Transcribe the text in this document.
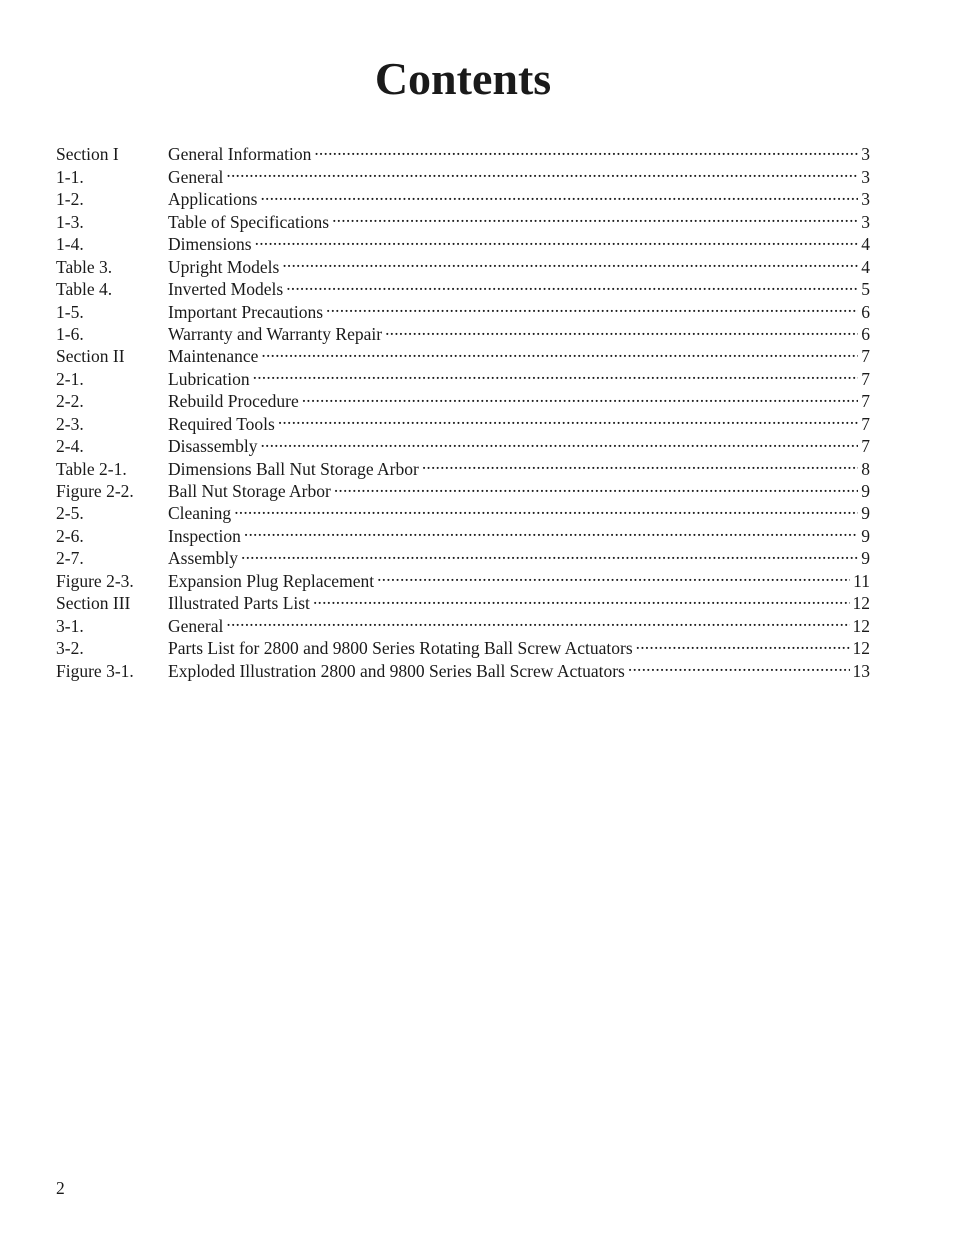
Contents
Section I	General Information .....	3
1-1.	General .....	3
1-2.	Applications .....	3
1-3.	Table of Specifications .....	3
1-4.	Dimensions .....	4
Table 3.	Upright Models .....	4
Table 4.	Inverted Models .....	5
1-5.	Important Precautions .....	6
1-6.	Warranty and Warranty Repair .....	6
Section II	Maintenance .....	7
2-1.	Lubrication .....	7
2-2.	Rebuild Procedure .....	7
2-3.	Required Tools .....	7
2-4.	Disassembly .....	7
Table 2-1.	Dimensions Ball Nut Storage Arbor .....	8
Figure 2-2.	Ball Nut Storage Arbor .....	9
2-5.	Cleaning .....	9
2-6.	Inspection .....	9
2-7.	Assembly .....	9
Figure 2-3.	Expansion Plug Replacement .....	11
Section III	Illustrated Parts List .....	12
3-1.	General .....	12
3-2.	Parts List for 2800 and 9800 Series Rotating Ball Screw Actuators .....	12
Figure 3-1.	Exploded Illustration 2800 and 9800 Series Ball Screw Actuators .....	13
2
